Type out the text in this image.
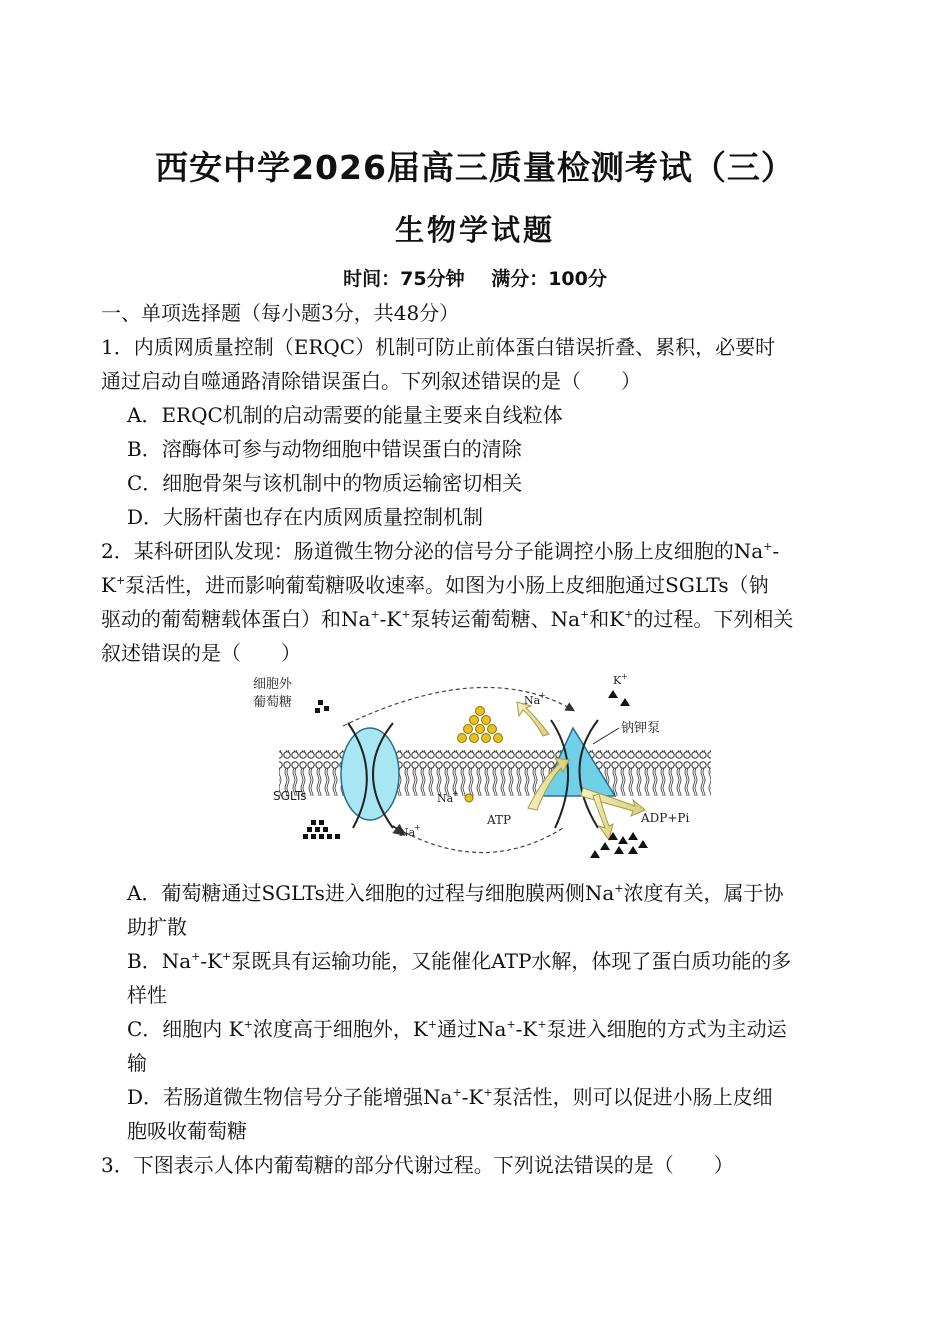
西安中学2026届高三质量检测考试（三）
生物学试题
时间：75分钟 满分：100分
一、单项选择题（每小题3分，共48分）
1．内质网质量控制（ERQC）机制可防止前体蛋白错误折叠、累积，必要时
通过启动自噬通路清除错误蛋白。下列叙述错误的是（　　）
A．ERQC机制的启动需要的能量主要来自线粒体
B．溶酶体可参与动物细胞中错误蛋白的清除
C．细胞骨架与该机制中的物质运输密切相关
D．大肠杆菌也存在内质网质量控制机制
2．某科研团队发现：肠道微生物分泌的信号分子能调控小肠上皮细胞的Na+-
K+泵活性，进而影响葡萄糖吸收速率。如图为小肠上皮细胞通过SGLTs（钠
驱动的葡萄糖载体蛋白）和Na+-K+泵转运葡萄糖、Na+和K+的过程。下列相关
叙述错误的是（　　）
细胞外
葡萄糖
SGLTs
Na
+
Na
+
Na
+
K +
钠钾泵
ATP	ADP+Pi
A．葡萄糖通过SGLTs进入细胞的过程与细胞膜两侧Na+浓度有关，属于协
助扩散
B．Na+-K+泵既具有运输功能，又能催化ATP水解，体现了蛋白质功能的多
样性
C．细胞内 K+浓度高于细胞外，K+通过Na+-K+泵进入细胞的方式为主动运
输
D．若肠道微生物信号分子能增强Na+-K+泵活性，则可以促进小肠上皮细
胞吸收葡萄糖
3．下图表示人体内葡萄糖的部分代谢过程。下列说法错误的是（　　）
